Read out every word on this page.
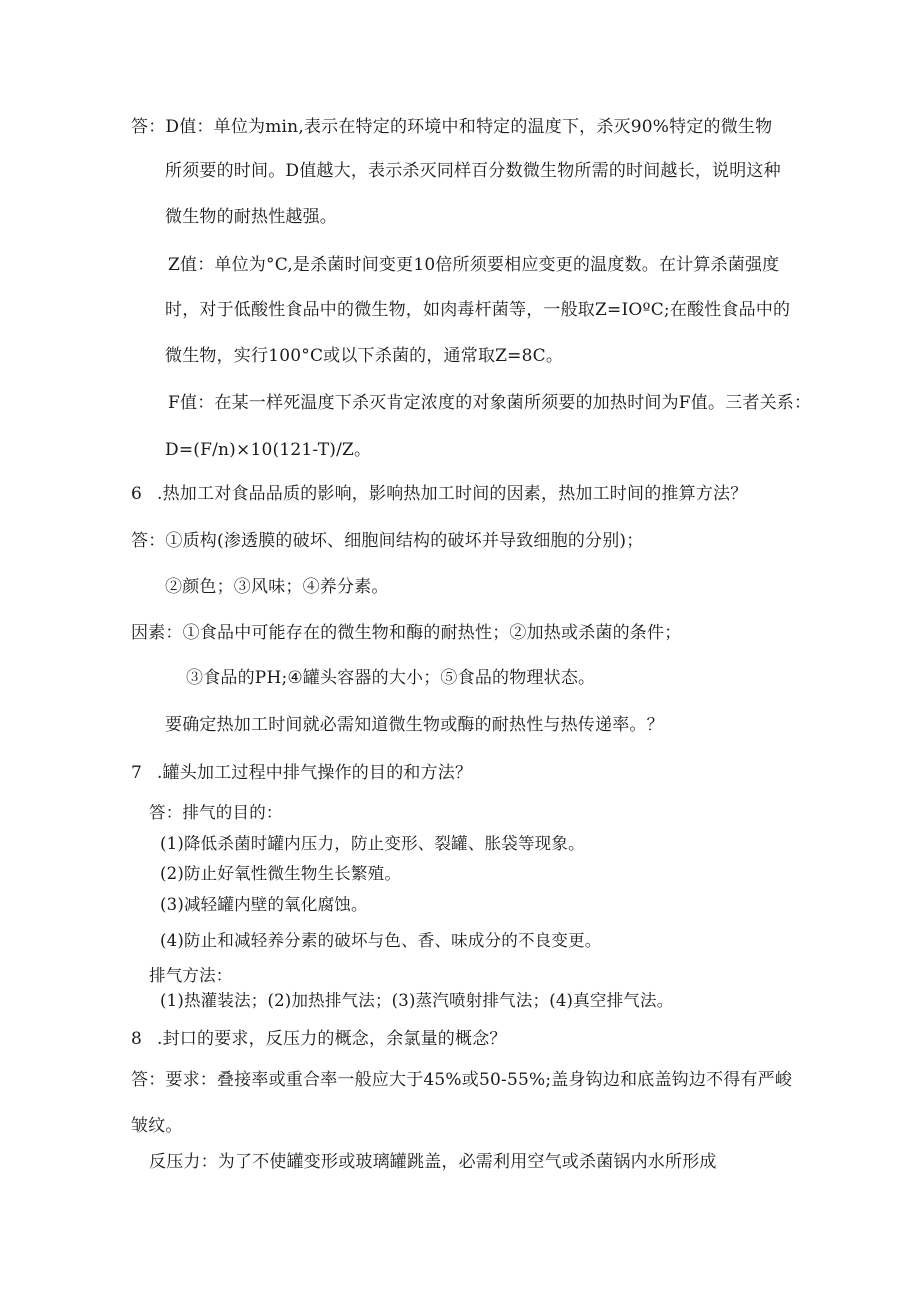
答：D值：单位为min,表示在特定的环境中和特定的温度下，杀灭90%特定的微生物
所须要的时间。D值越大，表示杀灭同样百分数微生物所需的时间越长，说明这种
微生物的耐热性越强。
Z值：单位为°C,是杀菌时间变更10倍所须要相应变更的温度数。在计算杀菌强度
时，对于低酸性食品中的微生物，如肉毒杆菌等，一般取Z=IOºC;在酸性食品中的
微生物，实行100°C或以下杀菌的，通常取Z=8C。
F值：在某一样死温度下杀灭肯定浓度的对象菌所须要的加热时间为F值。三者关系：
D=(F/n)×10(121-T)/Z。
6 .热加工对食品品质的影响，影响热加工时间的因素，热加工时间的推算方法？
答：①质构(渗透膜的破坏、细胞间结构的破坏并导致细胞的分别)；
②颜色；③风味；④养分素。
因素：①食品中可能存在的微生物和酶的耐热性；②加热或杀菌的条件；
③食品的PH;④罐头容器的大小；⑤食品的物理状态。
要确定热加工时间就必需知道微生物或酶的耐热性与热传递率。？
7 .罐头加工过程中排气操作的目的和方法？
答：排气的目的：
(1)降低杀菌时罐内压力，防止变形、裂罐、胀袋等现象。
(2)防止好氧性微生物生长繁殖。
(3)减轻罐内壁的氧化腐蚀。
(4)防止和减轻养分素的破坏与色、香、味成分的不良变更。
排气方法：
(1)热灌装法；(2)加热排气法；(3)蒸汽喷射排气法；(4)真空排气法。
8 .封口的要求，反压力的概念，余氯量的概念？
答：要求：叠接率或重合率一般应大于45%或50-55%;盖身钩边和底盖钩边不得有严峻
皱纹。
反压力：为了不使罐变形或玻璃罐跳盖，必需利用空气或杀菌锅内水所形成
